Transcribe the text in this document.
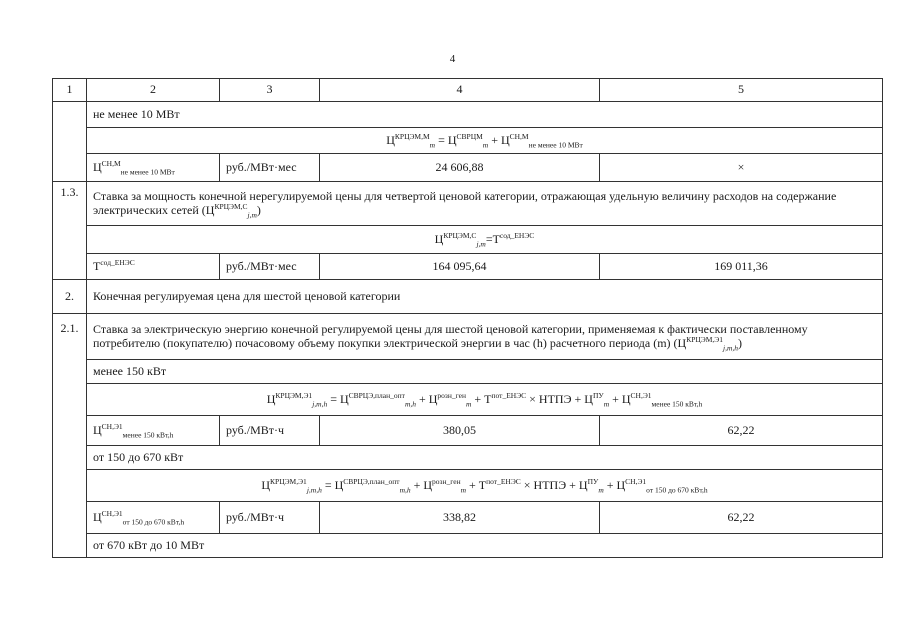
4
1	2	3	4	5
	не менее 10 МВт			
	$Ц^{КРЦЭМ,М}_m = Ц^{СВРЦМ}_m + Ц^{СН,М}_{не менее 10 МВт}$
	$Ц^{СН,М}_{не менее 10 МВт}$	руб./МВт·мес	24 606,88	×
1.3.	Ставка за мощность конечной нерегулируемой цены для четвертой ценовой категории, отражающая удельную величину расходов на содержание электрических сетей $(Ц^{КРЦЭМ,С}_{j,m})$			
	$Ц^{КРЦЭМ,С}_{j,m}=Т^{сод\_ЕНЭС}$
	$Т^{сод\_ЕНЭС}$	руб./МВт·мес	164 095,64	169 011,36
2.	Конечная регулируемая цена для шестой ценовой категории			
2.1.	Ставка за электрическую энергию конечной регулируемой цены для шестой ценовой категории, применяемая к фактически поставленному потребителю (покупателю) почасовому объему покупки электрической энергии в час (h) расчетного периода (m) $(Ц^{КРЦЭМ,Э1}_{j,m,h})$			
	менее 150 кВт			
	$Ц^{КРЦЭМ,Э1}_{j,m,h} = Ц^{СВРЦЭ,план\_опт}_{m,h} + Ц^{розн\_ген}_m + Т^{пот\_ЕНЭС}$ × НТПЭ + $Ц^{ПУ}_m + Ц^{СН,Э1}_{менее 150 кВт,h}$
	$Ц^{СН,Э1}_{менее 150 кВт,h}$	руб./МВт·ч	380,05	62,22
	от 150 до 670 кВт			
	$Ц^{КРЦЭМ,Э1}_{j,m,h} = Ц^{СВРЦЭ,план\_опт}_{m,h} + Ц^{розн\_ген}_m + Т^{пот\_ЕНЭС}$ × НТПЭ + $Ц^{ПУ}_m + Ц^{СН,Э1}_{от 150 до 670 кВт,h}$
	$Ц^{СН,Э1}_{от 150 до 670 кВт,h}$	руб./МВт·ч	338,82	62,22
	от 670 кВт до 10 МВт			
